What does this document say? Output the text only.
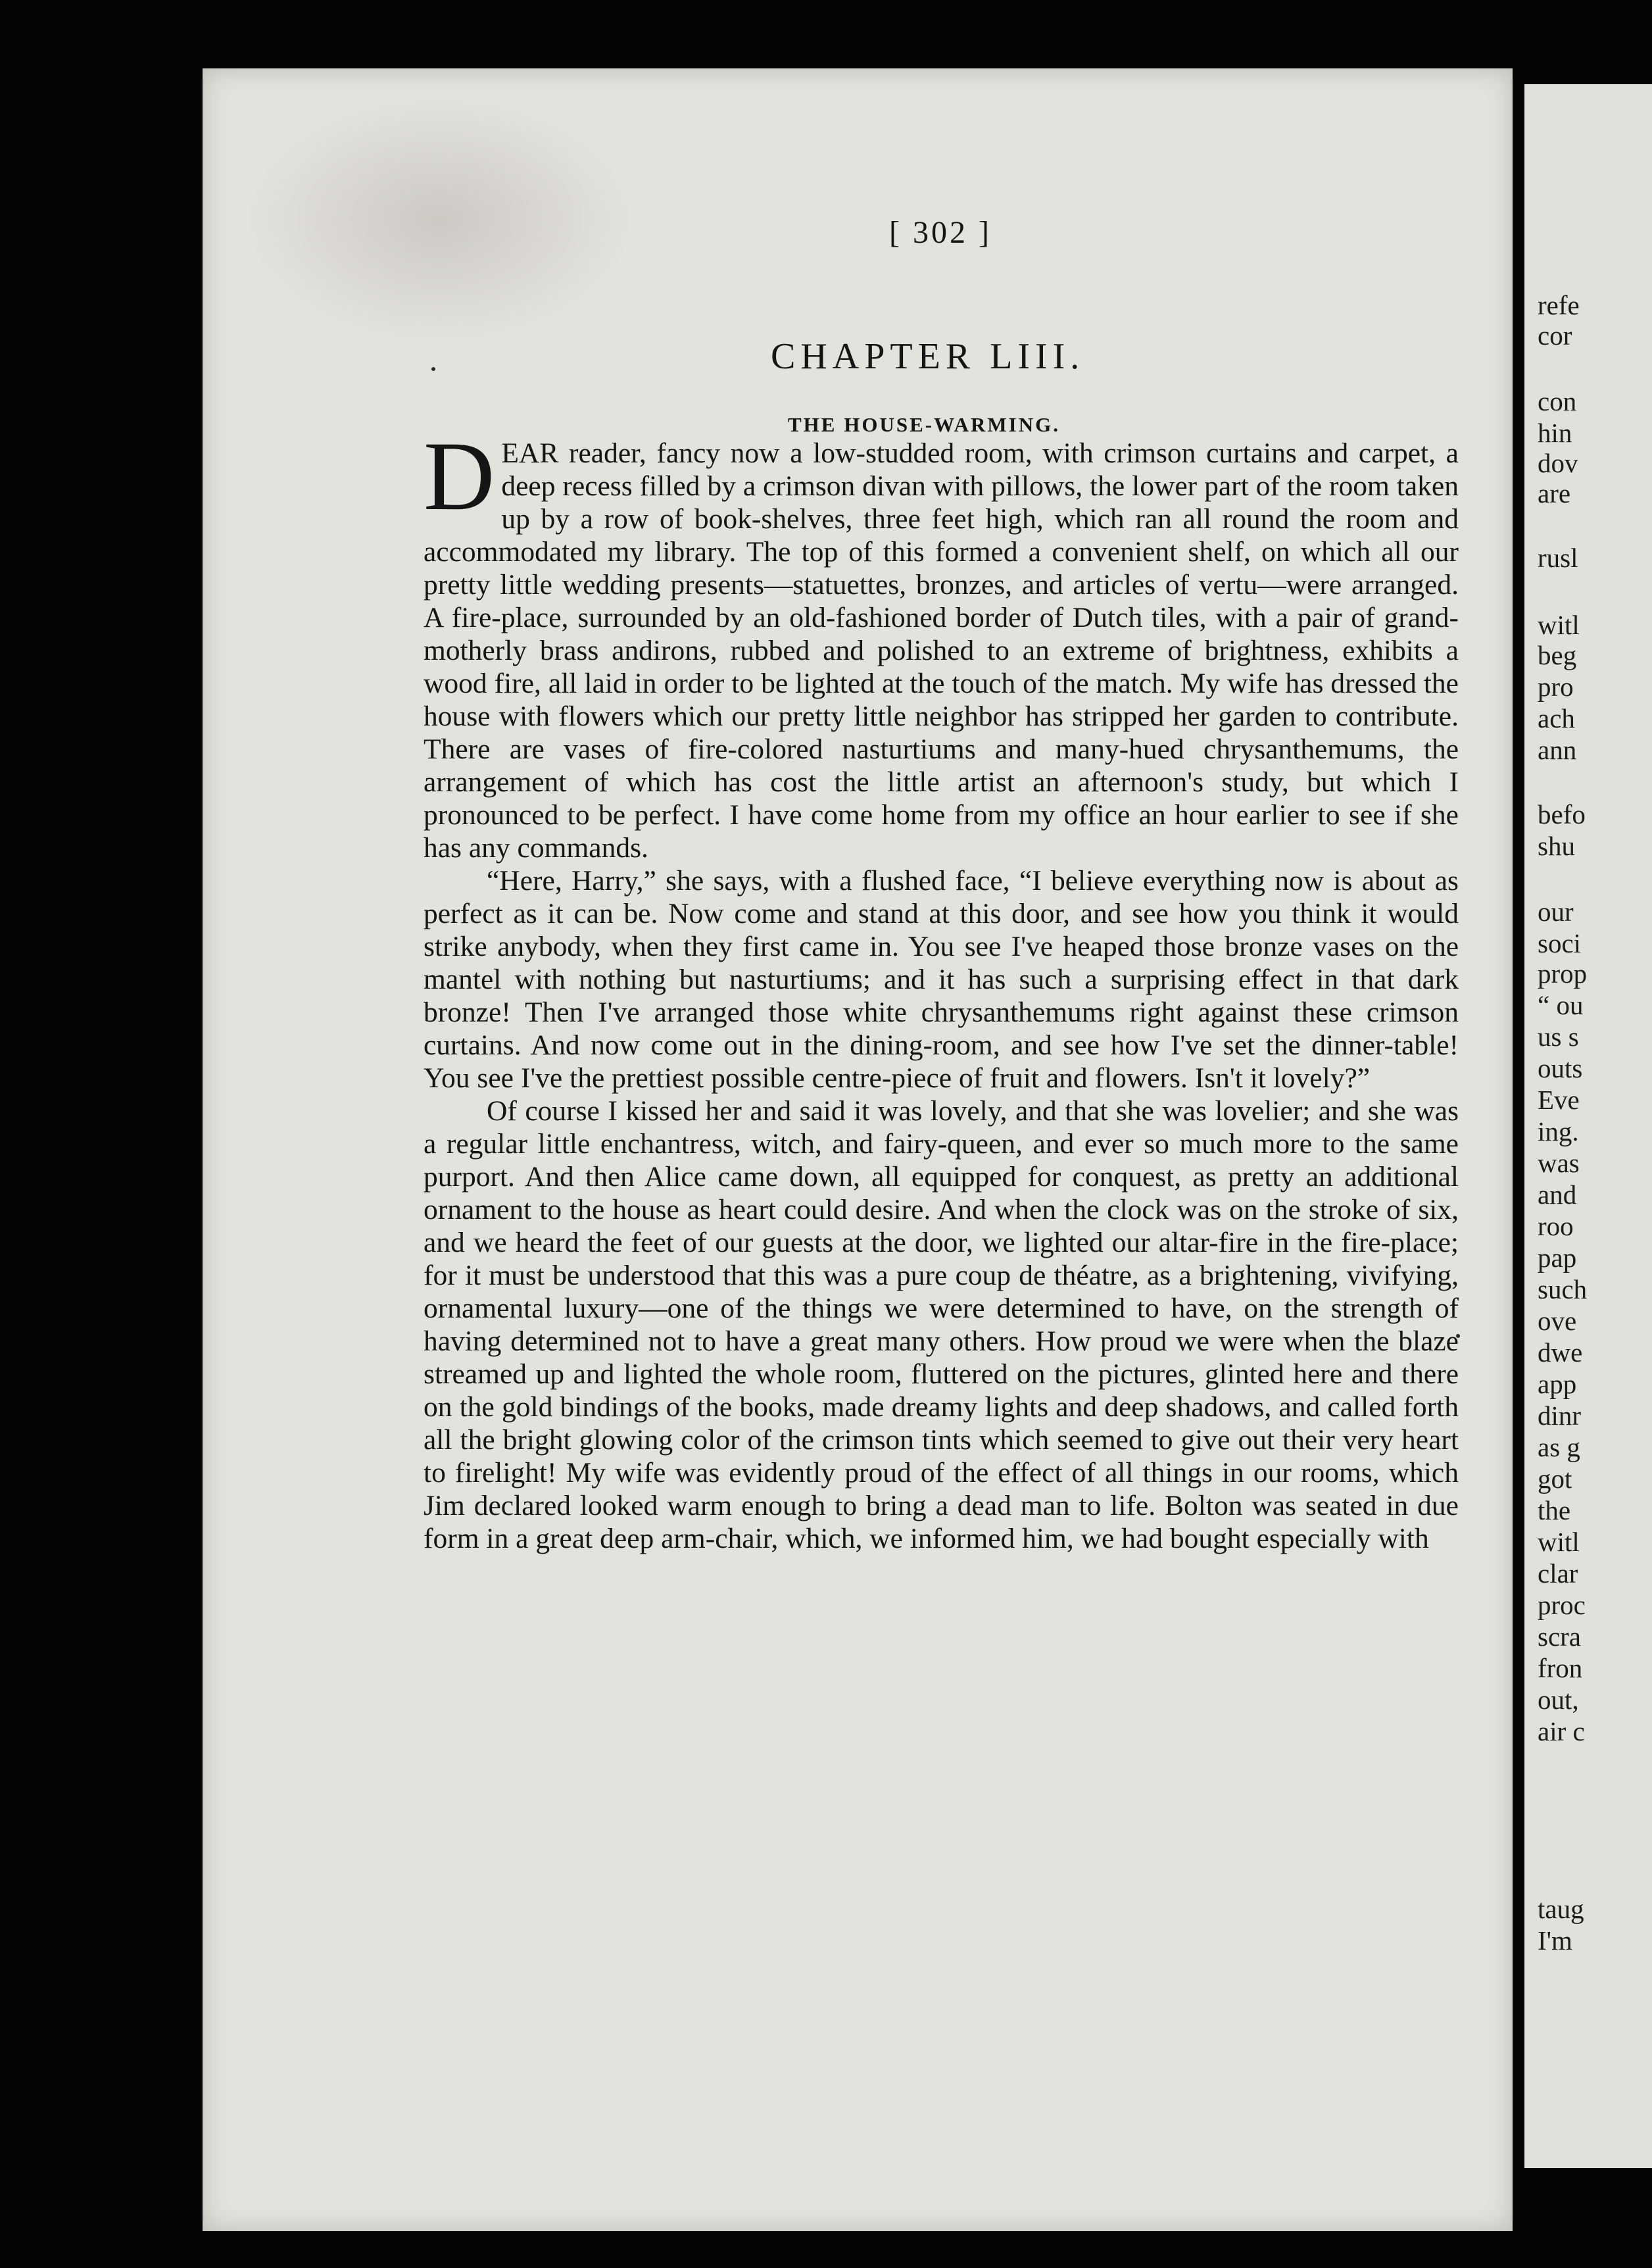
refe
cor
con
hin
dov
are
rusl
witl
beg
pro
ach
ann
befo
shu
our
soci
prop
“ ou
us s
outs
Eve
ing.
was
and
roo
pap
such
ove
dwe
app
dinr
as g
got
the
witl
clar
proc
scra
fron
out,
air c
taug
I'm
[ 302 ]
CHAPTER LIII.
THE HOUSE-WARMING.

D EAR reader, fancy now a low-studded room, with crimson curtains and carpet, a deep recess filled by a crimson divan with pillows, the lower part of the room taken up by a row of book-shelves, three feet high, which ran all round the room and accommodated my library. The top of this formed a convenient shelf, on which all our pretty little wedding presents—statuettes, bronzes, and articles of vertu—were arranged. A fire-place, surrounded by an old-fashioned border of Dutch tiles, with a pair of grand-motherly brass andirons, rubbed and polished to an extreme of brightness, exhibits a wood fire, all laid in order to be lighted at the touch of the match. My wife has dressed the house with flowers which our pretty little neighbor has stripped her garden to contribute. There are vases of fire-colored nasturtiums and many-hued chrysanthemums, the arrangement of which has cost the little artist an afternoon's study, but which I pronounced to be perfect. I have come home from my office an hour earlier to see if she has any commands.

“Here, Harry,” she says, with a flushed face, “I believe everything now is about as perfect as it can be. Now come and stand at this door, and see how you think it would strike anybody, when they first came in. You see I've heaped those bronze vases on the mantel with nothing but nasturtiums; and it has such a surprising effect in that dark bronze! Then I've arranged those white chrysanthemums right against these crimson curtains. And now come out in the dining-room, and see how I've set the dinner-table! You see I've the prettiest possible centre-piece of fruit and flowers. Isn't it lovely?”

Of course I kissed her and said it was lovely, and that she was lovelier; and she was a regular little enchantress, witch, and fairy-queen, and ever so much more to the same purport. And then Alice came down, all equipped for conquest, as pretty an additional ornament to the house as heart could desire. And when the clock was on the stroke of six, and we heard the feet of our guests at the door, we lighted our altar-fire in the fire-place; for it must be understood that this was a pure coup de théatre, as a brightening, vivifying, ornamental luxury—one of the things we were determined to have, on the strength of having determined not to have a great many others. How proud we were when the blaze streamed up and lighted the whole room, fluttered on the pictures, glinted here and there on the gold bindings of the books, made dreamy lights and deep shadows, and called forth all the bright glowing color of the crimson tints which seemed to give out their very heart to firelight! My wife was evidently proud of the effect of all things in our rooms, which Jim declared looked warm enough to bring a dead man to life. Bolton was seated in due form in a great deep arm-chair, which, we informed him, we had bought especially with
